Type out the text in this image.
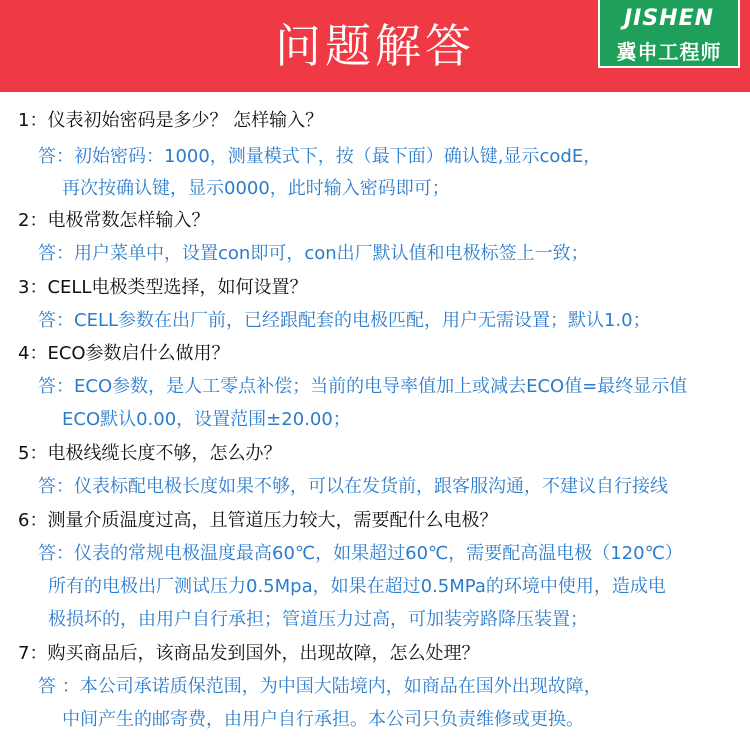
问题解答
JISHEN
冀申工程师
1：仪表初始密码是多少？ 怎样输入？
答：初始密码：1000，测量模式下，按（最下面）确认键,显示codE，
再次按确认键，显示0000，此时输入密码即可；
2：电极常数怎样输入？
答：用户菜单中，设置con即可，con出厂默认值和电极标签上一致；
3：CELL电极类型选择，如何设置？
答：CELL参数在出厂前，已经跟配套的电极匹配，用户无需设置；默认1.0；
4：ECO参数启什么做用？
答：ECO参数，是人工零点补偿；当前的电导率值加上或减去ECO值=最终显示值
ECO默认0.00，设置范围±20.00；
5：电极线缆长度不够，怎么办？
答：仪表标配电极长度如果不够，可以在发货前，跟客服沟通，不建议自行接线
6：测量介质温度过高，且管道压力较大，需要配什么电极？
答：仪表的常规电极温度最高60℃，如果超过60℃，需要配高温电极（120℃）
所有的电极出厂测试压力0.5Mpa，如果在超过0.5MPa的环境中使用，造成电
极损坏的，由用户自行承担；管道压力过高，可加装旁路降压装置；
7：购买商品后，该商品发到国外，出现故障，怎么处理？
答 ：本公司承诺质保范围，为中国大陆境内，如商品在国外出现故障，
中间产生的邮寄费，由用户自行承担。本公司只负责维修或更换。
